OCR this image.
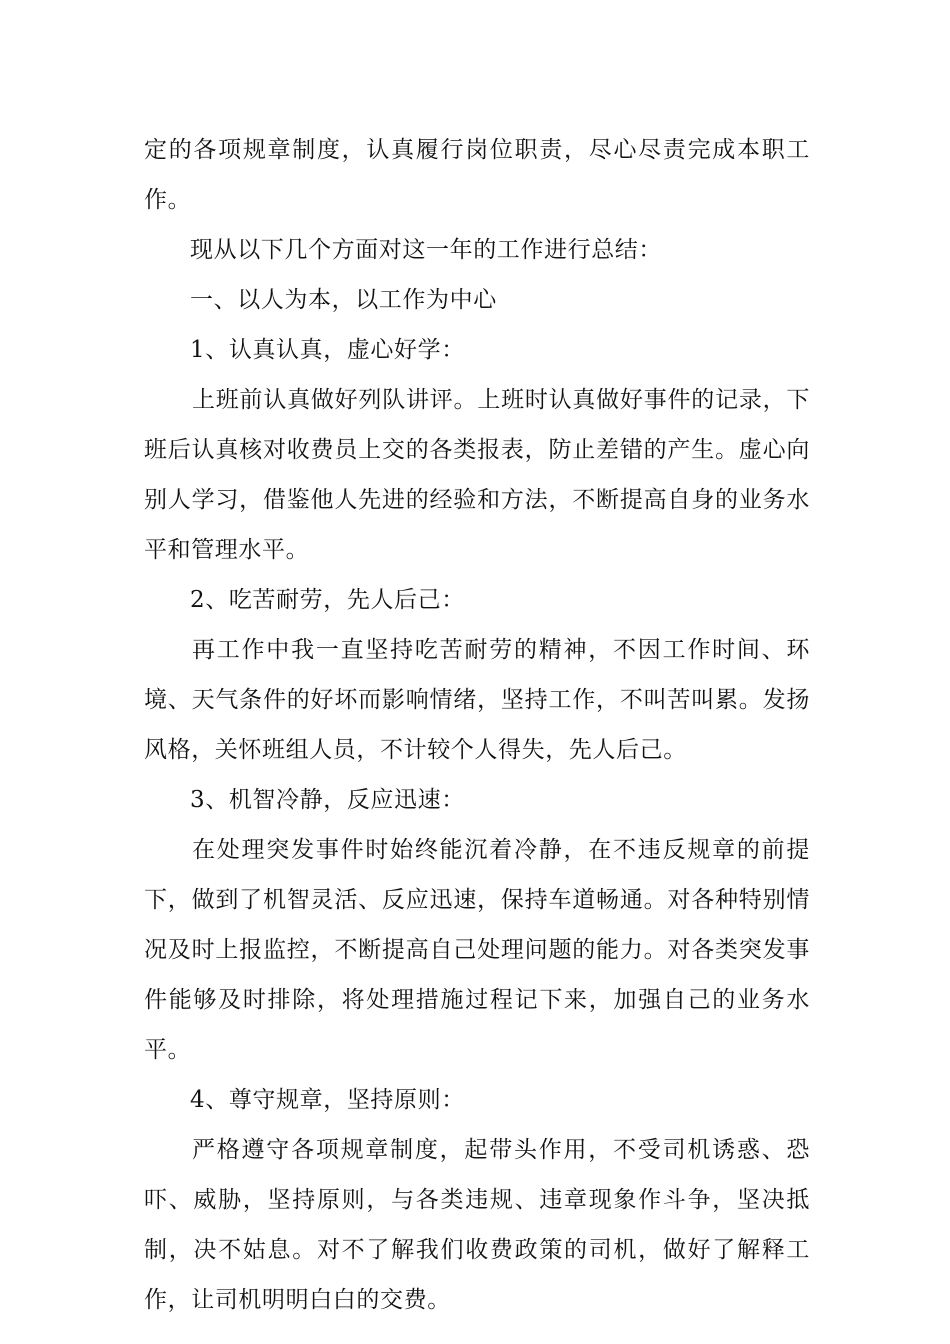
定的各项规章制度，认真履行岗位职责，尽心尽责完成本职工作。

现从以下几个方面对这一年的工作进行总结：

一、以人为本，以工作为中心

1、认真认真，虚心好学：

上班前认真做好列队讲评。上班时认真做好事件的记录，下班后认真核对收费员上交的各类报表，防止差错的产生。虚心向别人学习，借鉴他人先进的经验和方法，不断提高自身的业务水平和管理水平。

2、吃苦耐劳，先人后己：

再工作中我一直坚持吃苦耐劳的精神，不因工作时间、环境、天气条件的好坏而影响情绪，坚持工作，不叫苦叫累。发扬风格，关怀班组人员，不计较个人得失，先人后己。

3、机智冷静，反应迅速：

在处理突发事件时始终能沉着冷静，在不违反规章的前提下，做到了机智灵活、反应迅速，保持车道畅通。对各种特别情况及时上报监控，不断提高自己处理问题的能力。对各类突发事件能够及时排除，将处理措施过程记下来，加强自己的业务水平。

4、尊守规章，坚持原则：

严格遵守各项规章制度，起带头作用，不受司机诱惑、恐吓、威胁，坚持原则，与各类违规、违章现象作斗争，坚决抵制，决不姑息。对不了解我们收费政策的司机，做好了解释工作，让司机明明白白的交费。
